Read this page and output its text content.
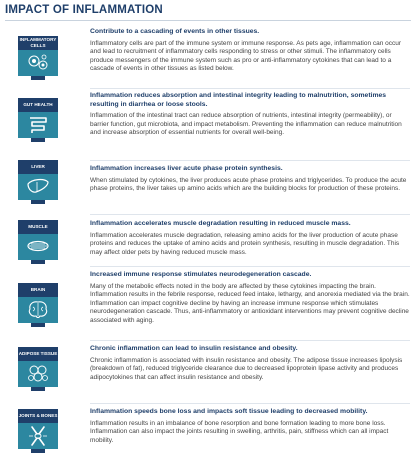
IMPACT OF INFLAMMATION
INFLAMMATORY CELLS

Contribute to a cascading of events in other tissues.

Inflammatory cells are part of the immune system or immune response. As pets age, inflammation can occur and lead to recruitment of inflammatory cells responding to stress or other stimuli. The inflammatory cells produce messengers of the immune system such as pro or anti-inflammatory cytokines that can lead to a cascade of events in other tissues as listed below.

GUT HEALTH

Inflammation reduces absorption and intestinal integrity leading to malnutrition, sometimes resulting in diarrhea or loose stools.

Inflammation of the intestinal tract can reduce absorption of nutrients, intestinal integrity (permeability), or barrier function, gut microbiota, and impact metabolism. Preventing the inflammation can reduce malnutrition and increase absorption of essential nutrients for overall well-being.

LIVER	Inflammation increases liver acute phase protein synthesis.

When stimulated by cytokines, the liver produces acute phase proteins and triglycerides. To produce the acute phase proteins, the liver takes up amino acids which are the building blocks for production of these proteins.

MUSCLE	Inflammation accelerates muscle degradation resulting in reduced muscle mass.

Inflammation accelerates muscle degradation, releasing amino acids for the liver production of acute phase proteins and reduces the uptake of amino acids and protein synthesis, resulting in muscle degradation. This may affect older pets by having reduced muscle mass.

BRAIN

Increased immune response stimulates neurodegeneration cascade.

Many of the metabolic effects noted in the body are affected by these cytokines impacting the brain. Inflammation results in the febrile response, reduced feed intake, lethargy, and anorexia mediated via the brain. Inflammation can impact cognitive decline by having an increase immune response which stimulates neurodegeneration cascade. Thus, anti-inflammatory or antioxidant interventions may prevent cognitive decline associated with aging.

ADIPOSE TISSUE

Chronic inflammation can lead to insulin resistance and obesity.

Chronic inflammation is associated with insulin resistance and obesity. The adipose tissue increases lipolysis (breakdown of fat), reduced triglyceride clearance due to decreased lipoprotein lipase activity and produces adipocytokines that can affect insulin resistance and obesity.

JOINTS & BONES

Inflammation speeds bone loss and impacts soft tissue leading to decreased mobility.

Inflammation results in an imbalance of bone resorption and bone formation leading to more bone loss. Inflammation can also impact the joints resulting in swelling, arthritis, pain, stiffness which can all impact mobility.
